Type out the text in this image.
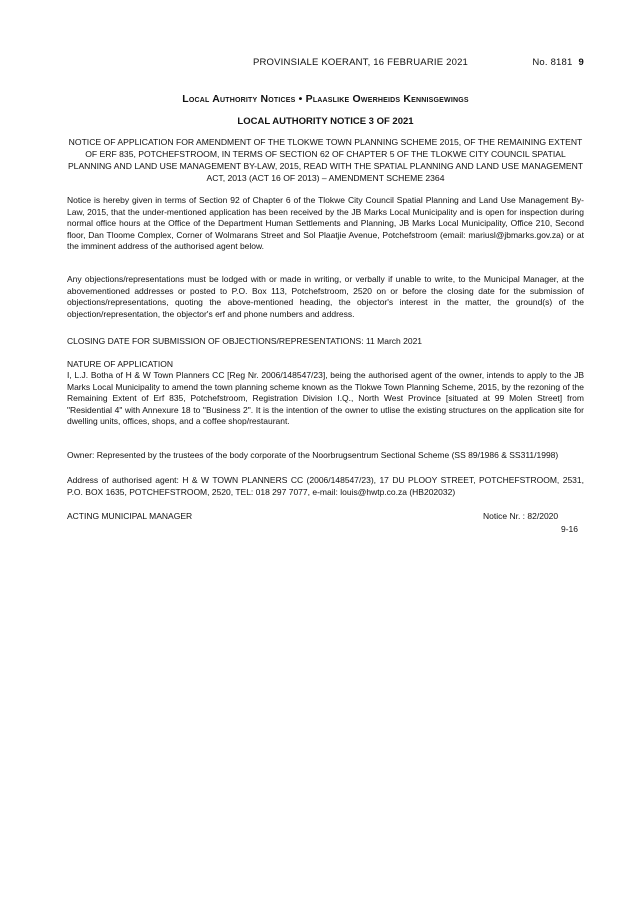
PROVINSIALE KOERANT, 16 FEBRUARIE 2021	No. 8181 9
Local Authority Notices • Plaaslike Owerheids Kennisgewings
LOCAL AUTHORITY NOTICE 3 OF 2021
NOTICE OF APPLICATION FOR AMENDMENT OF THE TLOKWE TOWN PLANNING SCHEME 2015, OF THE REMAINING EXTENT OF ERF 835, POTCHEFSTROOM, IN TERMS OF SECTION 62 OF CHAPTER 5 OF THE TLOKWE CITY COUNCIL SPATIAL PLANNING AND LAND USE MANAGEMENT BY-LAW, 2015, READ WITH THE SPATIAL PLANNING AND LAND USE MANAGEMENT ACT, 2013 (ACT 16 OF 2013) – AMENDMENT SCHEME 2364
Notice is hereby given in terms of Section 92 of Chapter 6 of the Tlokwe City Council Spatial Planning and Land Use Management By-Law, 2015, that the under-mentioned application has been received by the JB Marks Local Municipality and is open for inspection during normal office hours at the Office of the Department Human Settlements and Planning, JB Marks Local Municipality, Office 210, Second floor, Dan Tloome Complex, Corner of Wolmarans Street and Sol Plaatjie Avenue, Potchefstroom (email: mariusl@jbmarks.gov.za) or at the imminent address of the authorised agent below.
Any objections/representations must be lodged with or made in writing, or verbally if unable to write, to the Municipal Manager, at the abovementioned addresses or posted to P.O. Box 113, Potchefstroom, 2520 on or before the closing date for the submission of objections/representations, quoting the above-mentioned heading, the objector's interest in the matter, the ground(s) of the objection/representation, the objector's erf and phone numbers and address.
CLOSING DATE FOR SUBMISSION OF OBJECTIONS/REPRESENTATIONS: 11 March 2021
NATURE OF APPLICATION
I, L.J. Botha of H & W Town Planners CC [Reg Nr. 2006/148547/23], being the authorised agent of the owner, intends to apply to the JB Marks Local Municipality to amend the town planning scheme known as the Tlokwe Town Planning Scheme, 2015, by the rezoning of the Remaining Extent of Erf 835, Potchefstroom, Registration Division I.Q., North West Province [situated at 99 Molen Street] from "Residential 4" with Annexure 18 to "Business 2". It is the intention of the owner to utlise the existing structures on the application site for dwelling units, offices, shops, and a coffee shop/restaurant.
Owner: Represented by the trustees of the body corporate of the Noorbrugsentrum Sectional Scheme (SS 89/1986 & SS311/1998)
Address of authorised agent: H & W TOWN PLANNERS CC (2006/148547/23), 17 DU PLOOY STREET, POTCHEFSTROOM, 2531, P.O. BOX 1635, POTCHEFSTROOM, 2520, TEL: 018 297 7077, e-mail: louis@hwtp.co.za (HB202032)
ACTING MUNICIPAL MANAGER	Notice Nr. : 82/2020
9-16
